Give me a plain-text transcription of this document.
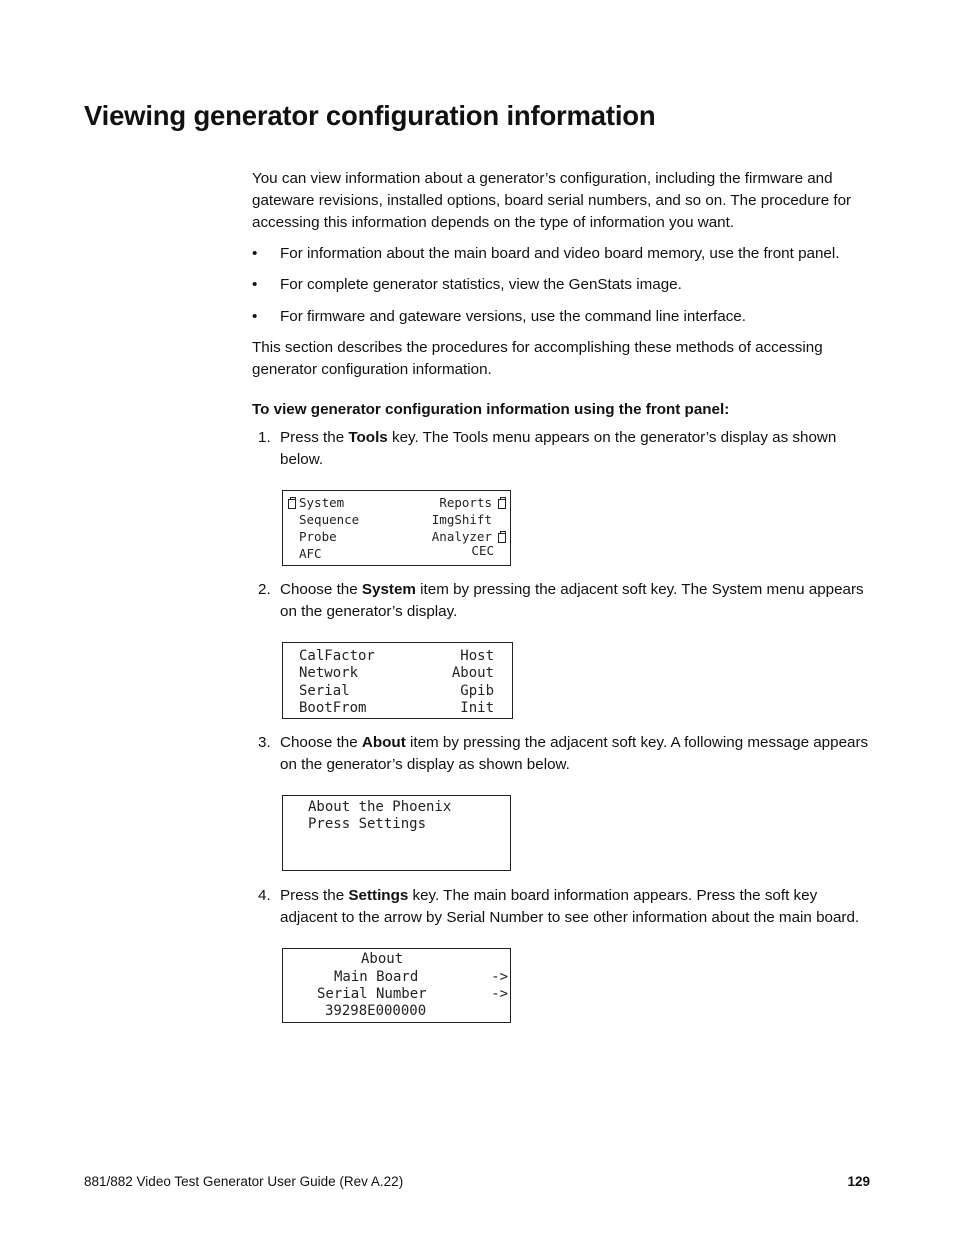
Viewing generator configuration information

You can view information about a generator’s configuration, including the firmware and gateware revisions, installed options, board serial numbers, and so on. The procedure for accessing this information depends on the type of information you want.

• For information about the main board and video board memory, use the front panel.
• For complete generator statistics, view the GenStats image.
• For firmware and gateware versions, use the command line interface.

This section describes the procedures for accomplishing these methods of accessing generator configuration information.

To view generator configuration information using the front panel:
1. Press the Tools key. The Tools menu appears on the generator’s display as shown below.
System	Reports
Sequence	ImgShift
Probe	Analyzer
AFC	CEC
2. Choose the System item by pressing the adjacent soft key. The System menu appears on the generator’s display.
CalFactor	Host
Network	About
Serial	Gpib
BootFrom	Init
3. Choose the About item by pressing the adjacent soft key. A following message appears on the generator’s display as shown below.
About the Phoenix
Press Settings
4. Press the Settings key. The main board information appears. Press the soft key adjacent to the arrow by Serial Number to see other information about the main board.
About
Main Board	->
Serial Number	->
39298E000000
881/882 Video Test Generator User Guide (Rev A.22)	129
